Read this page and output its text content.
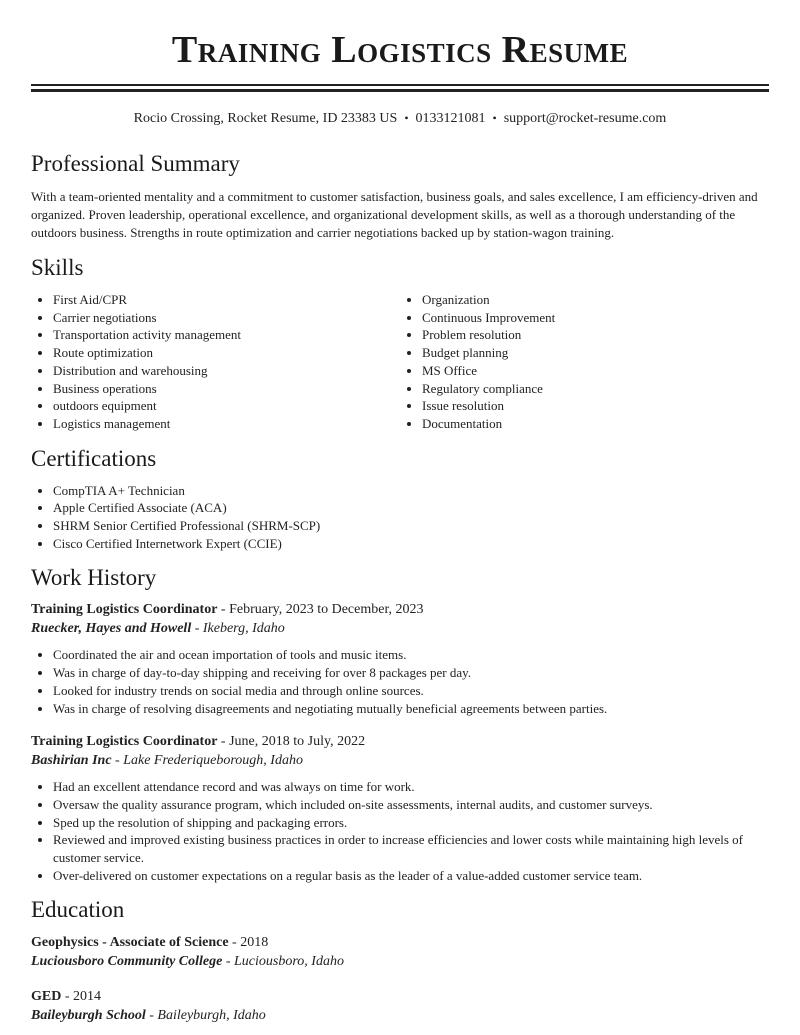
Training Logistics Resume
Rocio Crossing, Rocket Resume, ID 23383 US • 0133121081 • support@rocket-resume.com
Professional Summary

With a team-oriented mentality and a commitment to customer satisfaction, business goals, and sales excellence, I am efficiency-driven and organized. Proven leadership, operational excellence, and organizational development skills, as well as a thorough understanding of the outdoors business. Strengths in route optimization and carrier negotiations backed up by station-wagon training.

Skills
• First Aid/CPR
• Carrier negotiations
• Transportation activity management
• Route optimization
• Distribution and warehousing
• Business operations
• outdoors equipment
• Logistics management
• Organization
• Continuous Improvement
• Problem resolution
• Budget planning
• MS Office
• Regulatory compliance
• Issue resolution
• Documentation
Certifications
• CompTIA A+ Technician
• Apple Certified Associate (ACA)
• SHRM Senior Certified Professional (SHRM-SCP)
• Cisco Certified Internetwork Expert (CCIE)
Work History
Training Logistics Coordinator - February, 2023 to December, 2023
Ruecker, Hayes and Howell - Ikeberg, Idaho
• Coordinated the air and ocean importation of tools and music items.
• Was in charge of day-to-day shipping and receiving for over 8 packages per day.
• Looked for industry trends on social media and through online sources.
• Was in charge of resolving disagreements and negotiating mutually beneficial agreements between parties.
Training Logistics Coordinator - June, 2018 to July, 2022
Bashirian Inc - Lake Frederiqueborough, Idaho
• Had an excellent attendance record and was always on time for work.
• Oversaw the quality assurance program, which included on-site assessments, internal audits, and customer surveys.
• Sped up the resolution of shipping and packaging errors.
• Reviewed and improved existing business practices in order to increase efficiencies and lower costs while maintaining high levels of customer service.
• Over-delivered on customer expectations on a regular basis as the leader of a value-added customer service team.
Education
Geophysics - Associate of Science - 2018
Luciousboro Community College - Luciousboro, Idaho
GED - 2014
Baileyburgh School - Baileyburgh, Idaho
